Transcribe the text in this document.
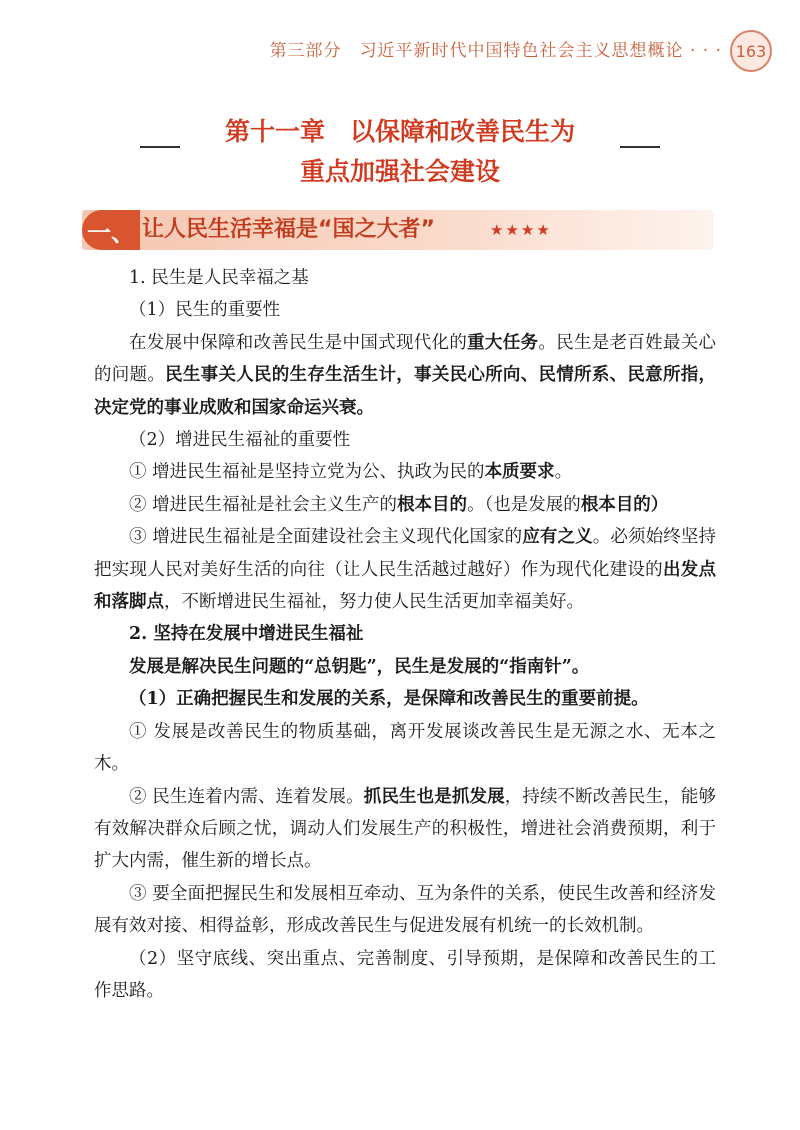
第三部分 习近平新时代中国特色社会主义思想概论 · · · 163
第十一章　以保障和改善民生为
重点加强社会建设
一、 让人民生活幸福是“国之大者”	★★★★

1. 民生是人民幸福之基

（1）民生的重要性

在发展中保障和改善民生是中国式现代化的重大任务。民生是老百姓最关心的问题。民生事关人民的生存生活生计，事关民心所向、民情所系、民意所指，决定党的事业成败和国家命运兴衰。

（2）增进民生福祉的重要性

① 增进民生福祉是坚持立党为公、执政为民的本质要求。

② 增进民生福祉是社会主义生产的根本目的。（也是发展的根本目的）

③ 增进民生福祉是全面建设社会主义现代化国家的应有之义。必须始终坚持把实现人民对美好生活的向往（让人民生活越过越好）作为现代化建设的出发点和落脚点，不断增进民生福祉，努力使人民生活更加幸福美好。

2. 坚持在发展中增进民生福祉

发展是解决民生问题的“总钥匙”，民生是发展的“指南针”。

（1）正确把握民生和发展的关系，是保障和改善民生的重要前提。

① 发展是改善民生的物质基础，离开发展谈改善民生是无源之水、无本之木。

② 民生连着内需、连着发展。抓民生也是抓发展，持续不断改善民生，能够有效解决群众后顾之忧，调动人们发展生产的积极性，增进社会消费预期，利于扩大内需，催生新的增长点。

③ 要全面把握民生和发展相互牵动、互为条件的关系，使民生改善和经济发展有效对接、相得益彰，形成改善民生与促进发展有机统一的长效机制。

（2）坚守底线、突出重点、完善制度、引导预期，是保障和改善民生的工作思路。
